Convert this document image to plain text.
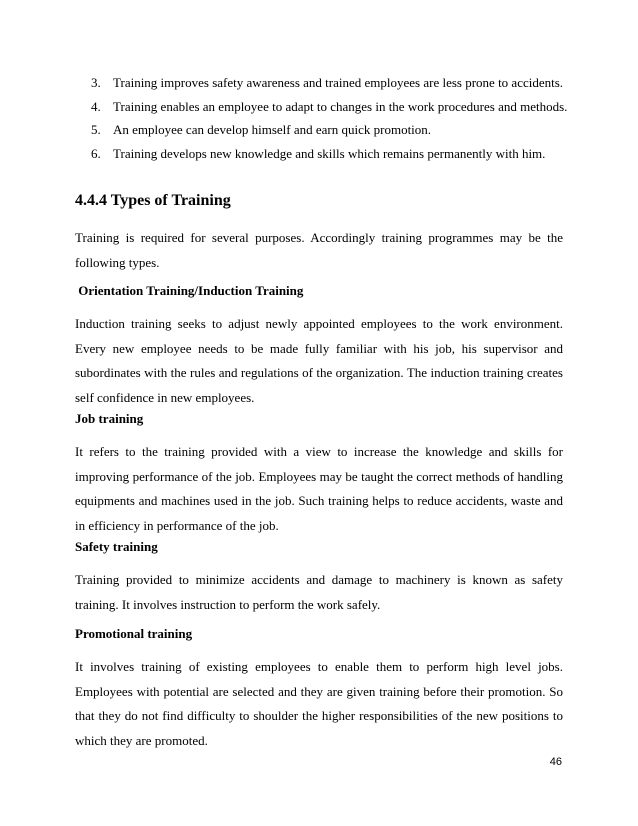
3. Training improves safety awareness and trained employees are less prone to accidents.
4. Training enables an employee to adapt to changes in the work procedures and methods.
5. An employee can develop himself and earn quick promotion.
6. Training develops new knowledge and skills which remains permanently with him.
4.4.4 Types of Training

Training is required for several purposes. Accordingly training programmes may be the following types.

Orientation Training/Induction Training

Induction training seeks to adjust newly appointed employees to the work environment. Every new employee needs to be made fully familiar with his job, his supervisor and subordinates with the rules and regulations of the organization. The induction training creates self confidence in new employees.

Job training

It refers to the training provided with a view to increase the knowledge and skills for improving performance of the job. Employees may be taught the correct methods of handling equipments and machines used in the job. Such training helps to reduce accidents, waste and in efficiency in performance of the job.

Safety training

Training provided to minimize accidents and damage to machinery is known as safety training. It involves instruction to perform the work safely.

Promotional training

It involves training of existing employees to enable them to perform high level jobs. Employees with potential are selected and they are given training before their promotion. So that they do not find difficulty to shoulder the higher responsibilities of the new positions to which they are promoted.

46
